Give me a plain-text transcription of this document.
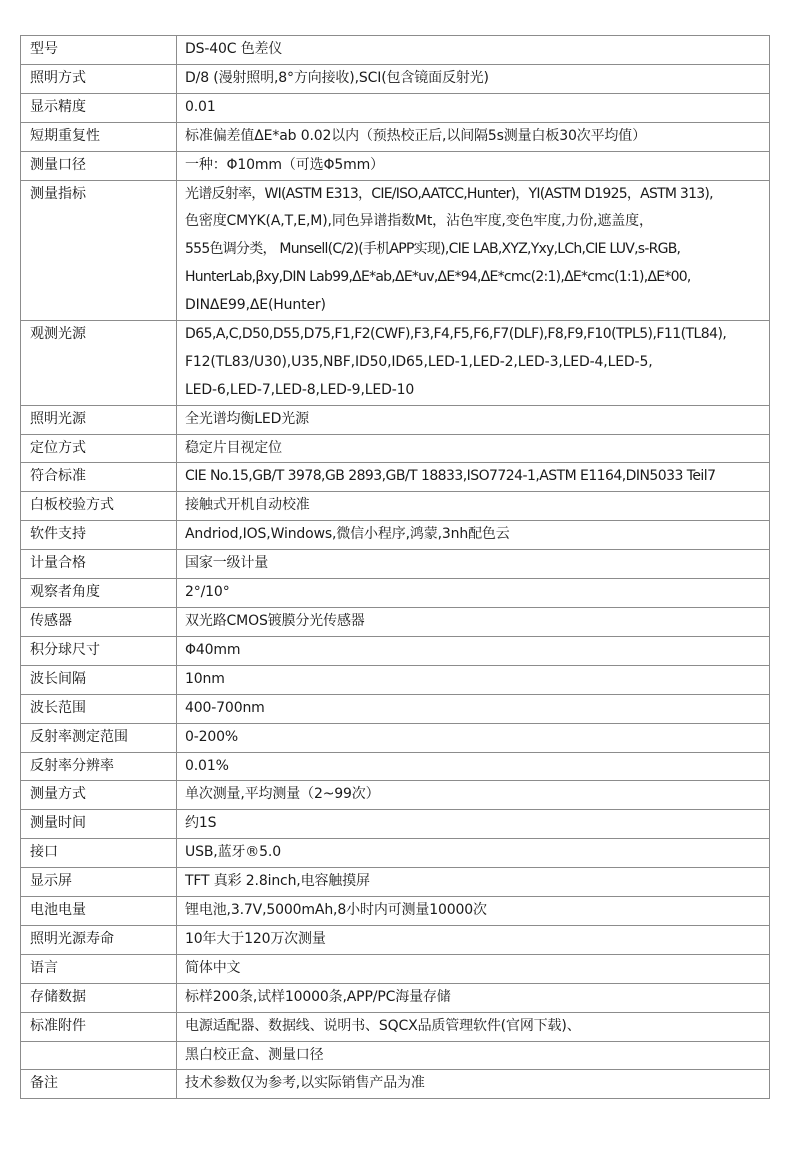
型号	DS-40C 色差仪

照明方式	D/8 (漫射照明,8°方向接收),SCI(包含镜面反射光)

显示精度	0.01

短期重复性	标准偏差值ΔE*ab 0.02以内（预热校正后,以间隔5s测量白板30次平均值）

测量口径	一种：Φ10mm（可选Φ5mm）

测量指标	光谱反射率，WI(ASTM E313，CIE/ISO,AATCC,Hunter)，YI(ASTM D1925，ASTM 313),
色密度CMYK(A,T,E,M),同色异谱指数Mt，沾色牢度,变色牢度,力份,遮盖度，
555色调分类， Munsell(C/2)(手机APP实现),CIE LAB,XYZ,Yxy,LCh,CIE LUV,s-RGB,
HunterLab,βxy,DIN Lab99,ΔE*ab,ΔE*uv,ΔE*94,ΔE*cmc(2:1),ΔE*cmc(1:1),ΔE*00,
DINΔE99,ΔE(Hunter)

观测光源	D65,A,C,D50,D55,D75,F1,F2(CWF),F3,F4,F5,F6,F7(DLF),F8,F9,F10(TPL5),F11(TL84),
F12(TL83/U30),U35,NBF,ID50,ID65,LED-1,LED-2,LED-3,LED-4,LED-5,
LED-6,LED-7,LED-8,LED-9,LED-10

照明光源	全光谱均衡LED光源

定位方式	稳定片目视定位

符合标准	CIE No.15,GB/T 3978,GB 2893,GB/T 18833,ISO7724-1,ASTM E1164,DIN5033 Teil7

白板校验方式	接触式开机自动校准

软件支持	Andriod,IOS,Windows,微信小程序,鸿蒙,3nh配色云

计量合格	国家一级计量

观察者角度	2°/10°

传感器	双光路CMOS镀膜分光传感器

积分球尺寸	Φ40mm

波长间隔	10nm

波长范围	400-700nm

反射率测定范围	0-200%

反射率分辨率	0.01%

测量方式	单次测量,平均测量（2~99次）

测量时间	约1S

接口	USB,蓝牙®5.0

显示屏	TFT 真彩 2.8inch,电容触摸屏

电池电量	锂电池,3.7V,5000mAh,8小时内可测量10000次

照明光源寿命	10年大于120万次测量

语言	简体中文

存储数据	标样200条,试样10000条,APP/PC海量存储

标准附件	电源适配器、数据线、说明书、SQCX品质管理软件(官网下载)、

	黑白校正盒、测量口径

备注	技术参数仅为参考,以实际销售产品为准
